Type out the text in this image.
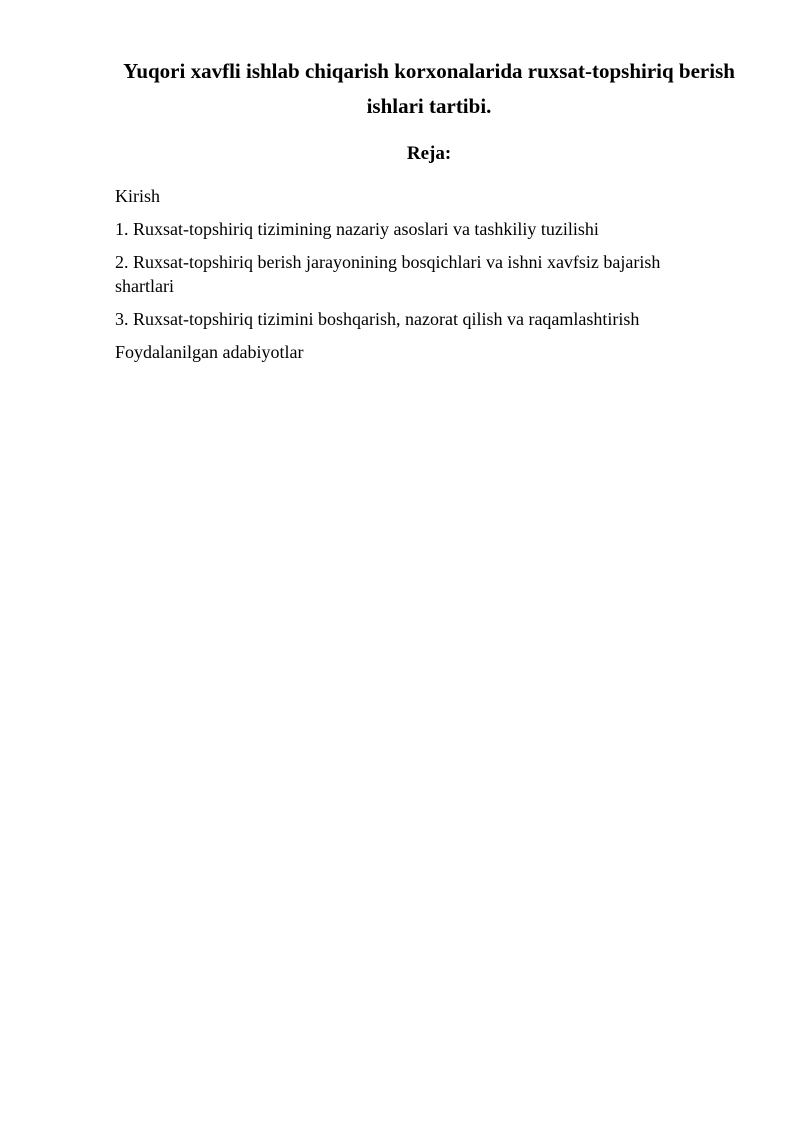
Yuqori xavfli ishlab chiqarish korxonalarida ruxsat-topshiriq berish ishlari tartibi.
Reja:
Kirish
1. Ruxsat-topshiriq tizimining nazariy asoslari va tashkiliy tuzilishi
2. Ruxsat-topshiriq berish jarayonining bosqichlari va ishni xavfsiz bajarish shartlari
3. Ruxsat-topshiriq tizimini boshqarish, nazorat qilish va raqamlashtirish
Foydalanilgan adabiyotlar
